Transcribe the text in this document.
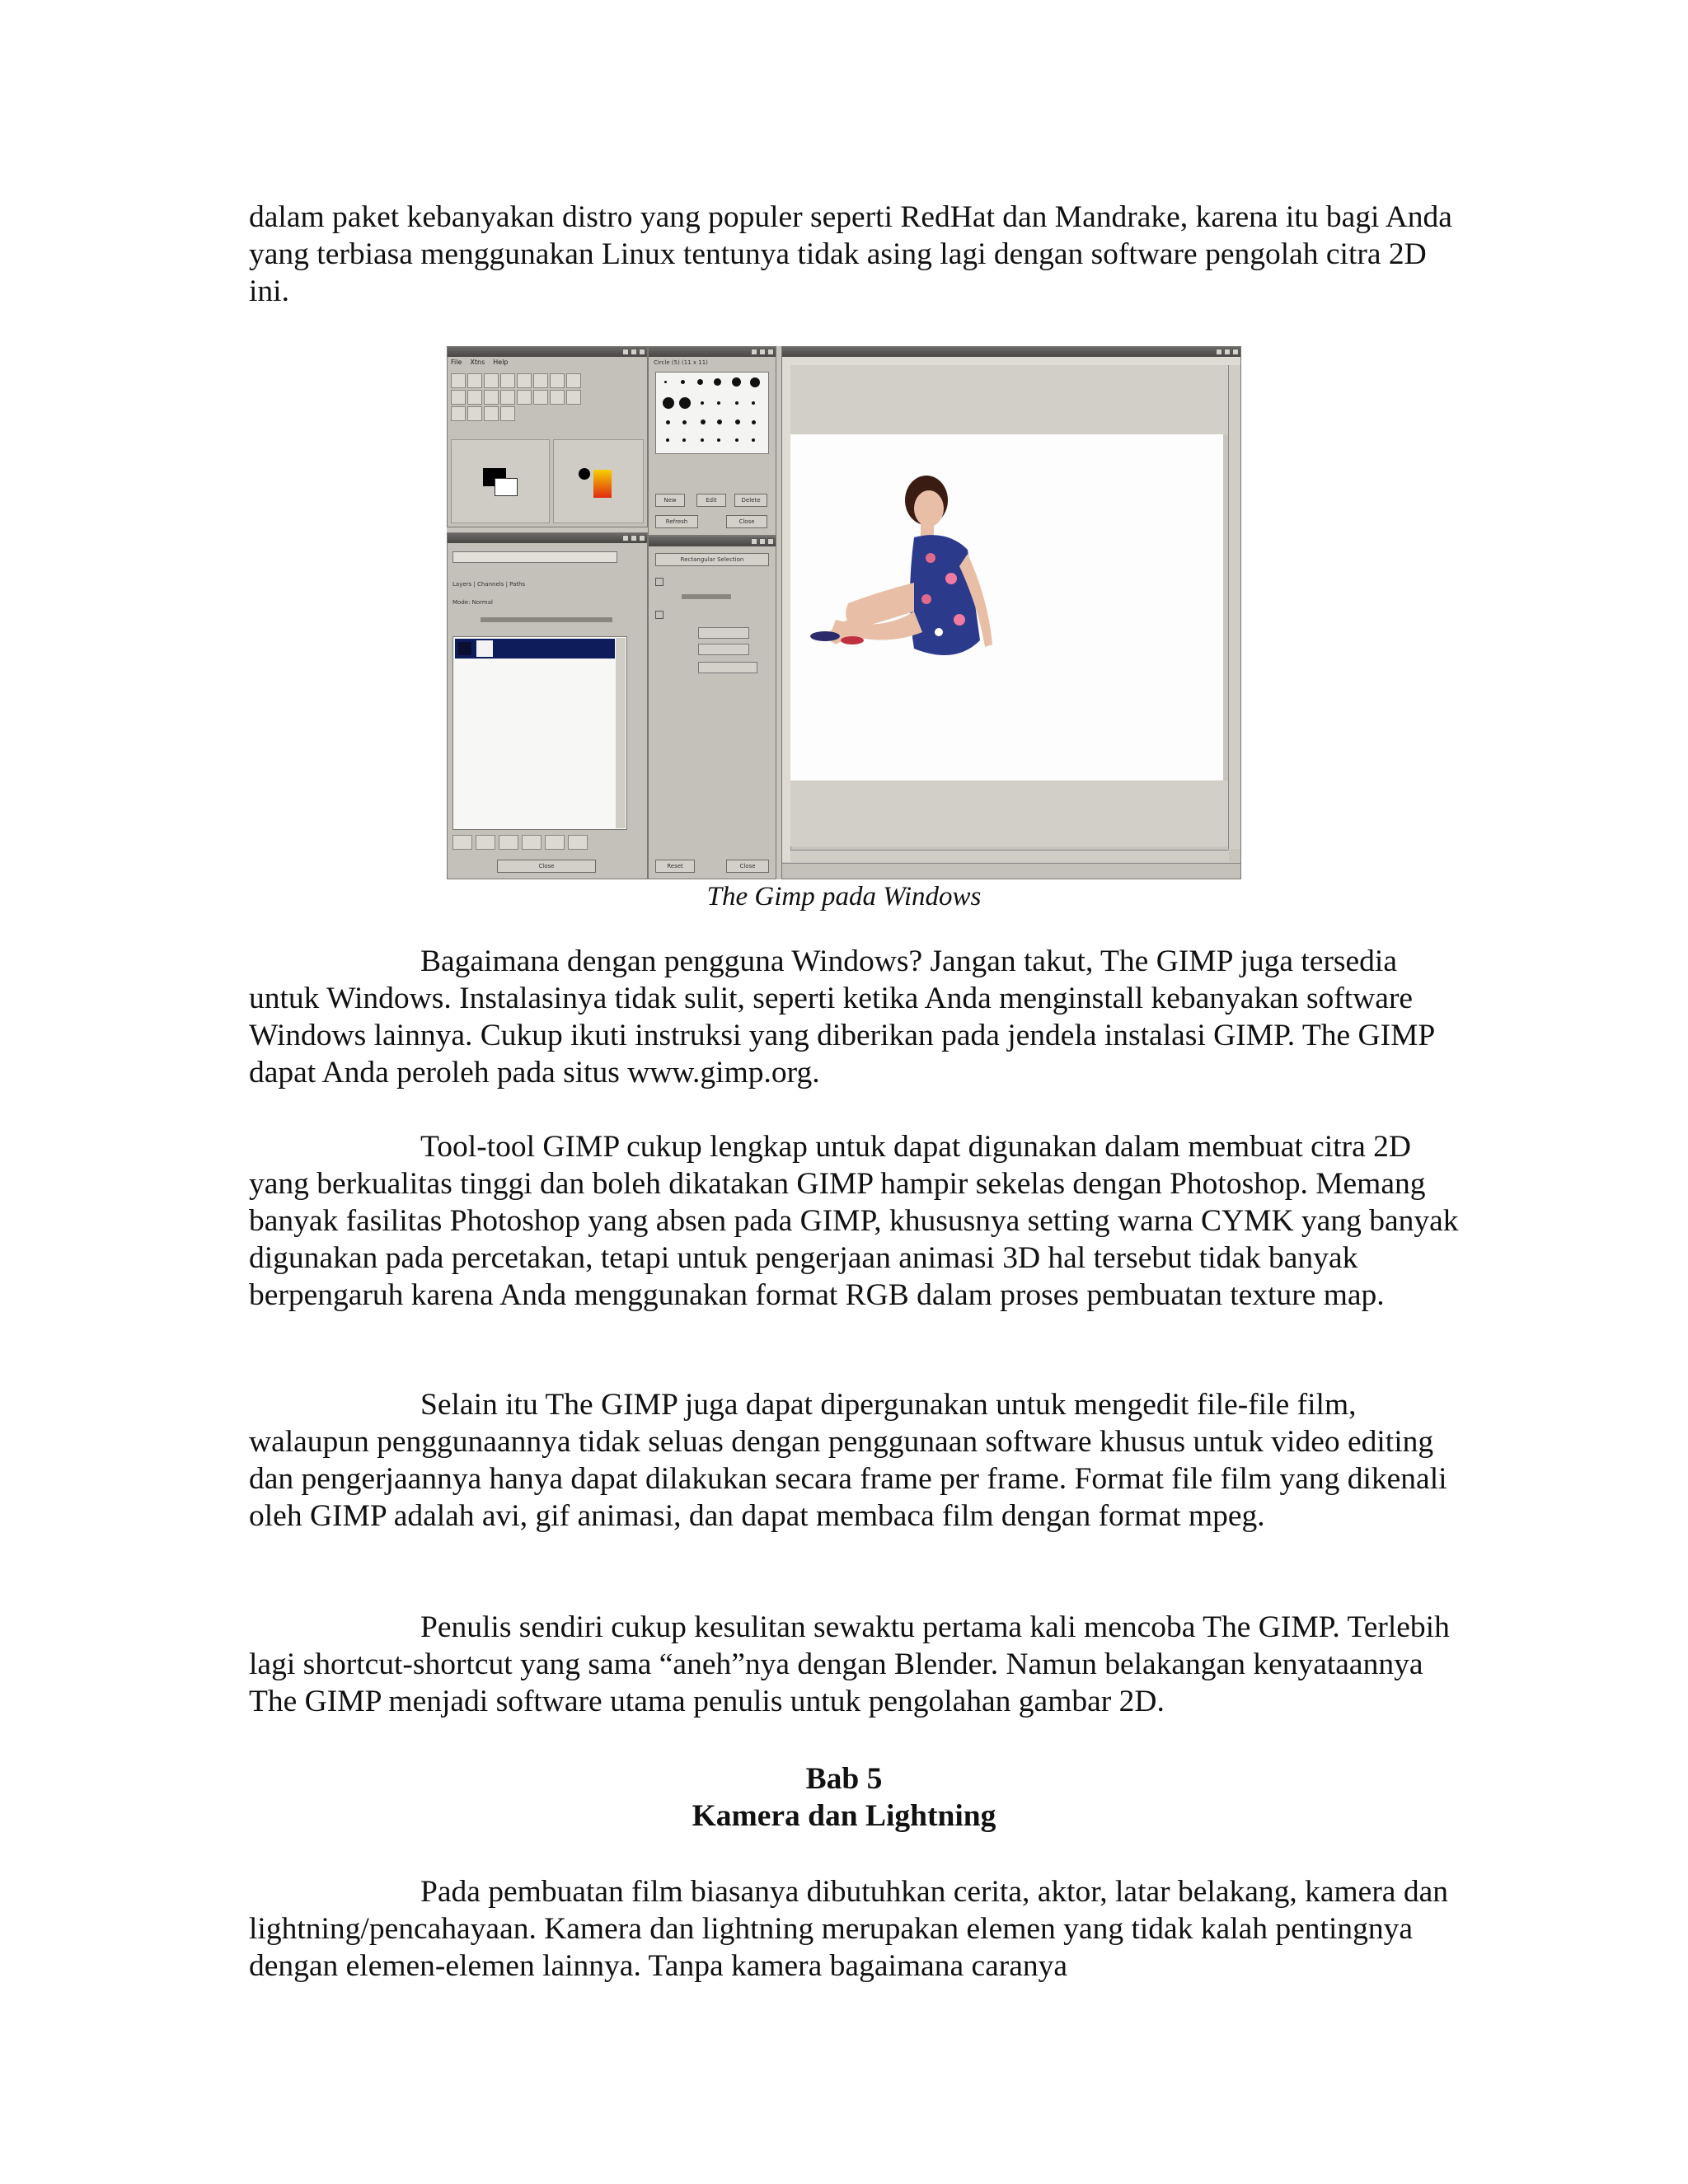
dalam paket kebanyakan distro yang populer seperti RedHat dan Mandrake, karena itu bagi Anda yang terbiasa menggunakan Linux tentunya tidak asing lagi dengan software pengolah citra 2D ini.

File Xtns Help	Circle (5) (11 x 11)
New	Edit	Delete
Refresh	Close
Layers | Channels | Paths
Mode: Normal
Close
Rectangular Selection
Reset	Close
The Gimp pada Windows

Bagaimana dengan pengguna Windows? Jangan takut, The GIMP juga tersedia untuk Windows. Instalasinya tidak sulit, seperti ketika Anda menginstall kebanyakan software Windows lainnya. Cukup ikuti instruksi yang diberikan pada jendela instalasi GIMP. The GIMP dapat Anda peroleh pada situs www.gimp.org.

Tool-tool GIMP cukup lengkap untuk dapat digunakan dalam membuat citra 2D yang berkualitas tinggi dan boleh dikatakan GIMP hampir sekelas dengan Photoshop. Memang banyak fasilitas Photoshop yang absen pada GIMP, khususnya setting warna CYMK yang banyak digunakan pada percetakan, tetapi untuk pengerjaan animasi 3D hal tersebut tidak banyak berpengaruh karena Anda menggunakan format RGB dalam proses pembuatan texture map.

Selain itu The GIMP juga dapat dipergunakan untuk mengedit file-file film, walaupun penggunaannya tidak seluas dengan penggunaan software khusus untuk video editing dan pengerjaannya hanya dapat dilakukan secara frame per frame. Format file film yang dikenali oleh GIMP adalah avi, gif animasi, dan dapat membaca film dengan format mpeg.

Penulis sendiri cukup kesulitan sewaktu pertama kali mencoba The GIMP. Terlebih lagi shortcut-shortcut yang sama “aneh”nya dengan Blender. Namun belakangan kenyataannya The GIMP menjadi software utama penulis untuk pengolahan gambar 2D.

Bab 5
Kamera dan Lightning

Pada pembuatan film biasanya dibutuhkan cerita, aktor, latar belakang, kamera dan lightning/pencahayaan. Kamera dan lightning merupakan elemen yang tidak kalah pentingnya dengan elemen-elemen lainnya. Tanpa kamera bagaimana caranya
